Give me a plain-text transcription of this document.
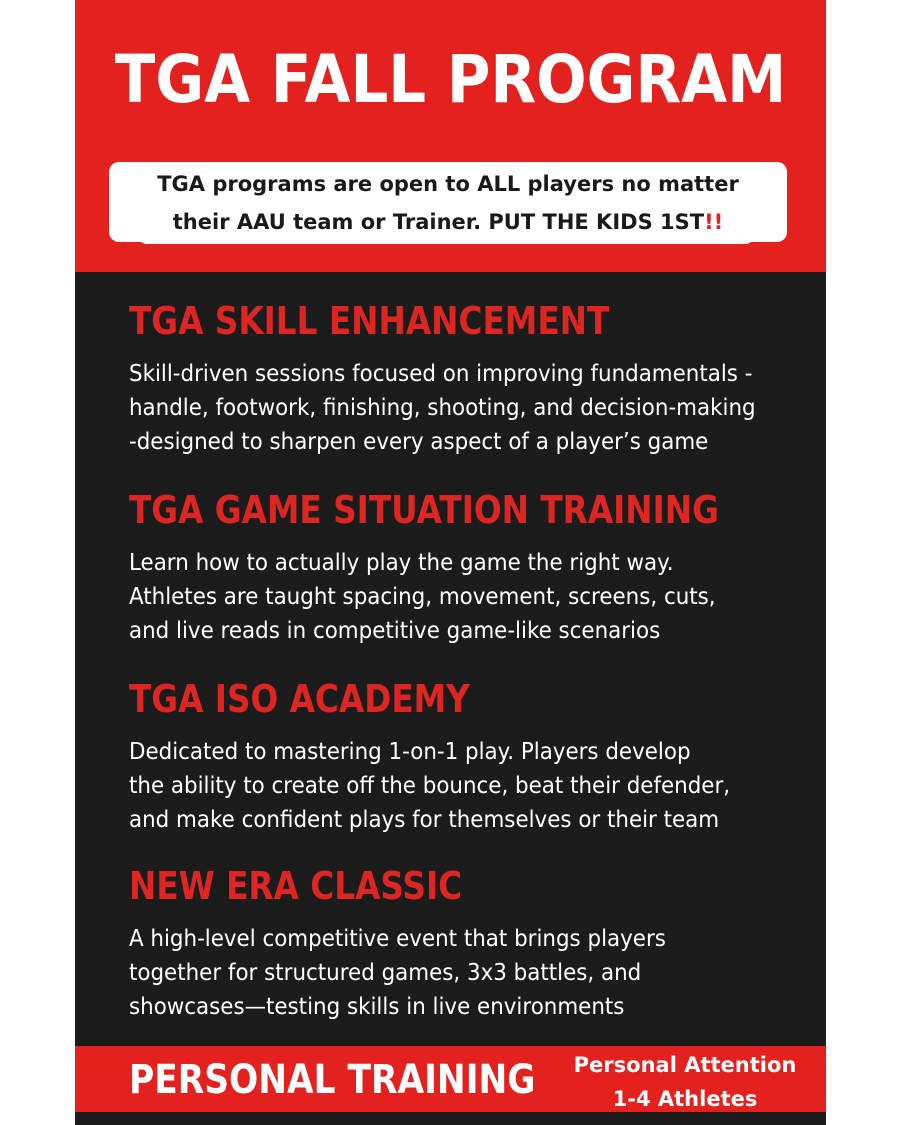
TGA FALL PROGRAM
TGA programs are open to ALL players no matter
their AAU team or Trainer. PUT THE KIDS 1ST!!
TGA SKILL ENHANCEMENT
Skill-driven sessions focused on improving fundamentals -
handle, footwork, finishing, shooting, and decision-making
-designed to sharpen every aspect of a player’s game
TGA GAME SITUATION TRAINING
Learn how to actually play the game the right way.
Athletes are taught spacing, movement, screens, cuts,
and live reads in competitive game-like scenarios
TGA ISO ACADEMY
Dedicated to mastering 1-on-1 play. Players develop
the ability to create off the bounce, beat their defender,
and make confident plays for themselves or their team
NEW ERA CLASSIC
A high-level competitive event that brings players
together for structured games, 3x3 battles, and
showcases—testing skills in live environments
PERSONAL TRAINING	Personal Attention
1-4 Athletes
